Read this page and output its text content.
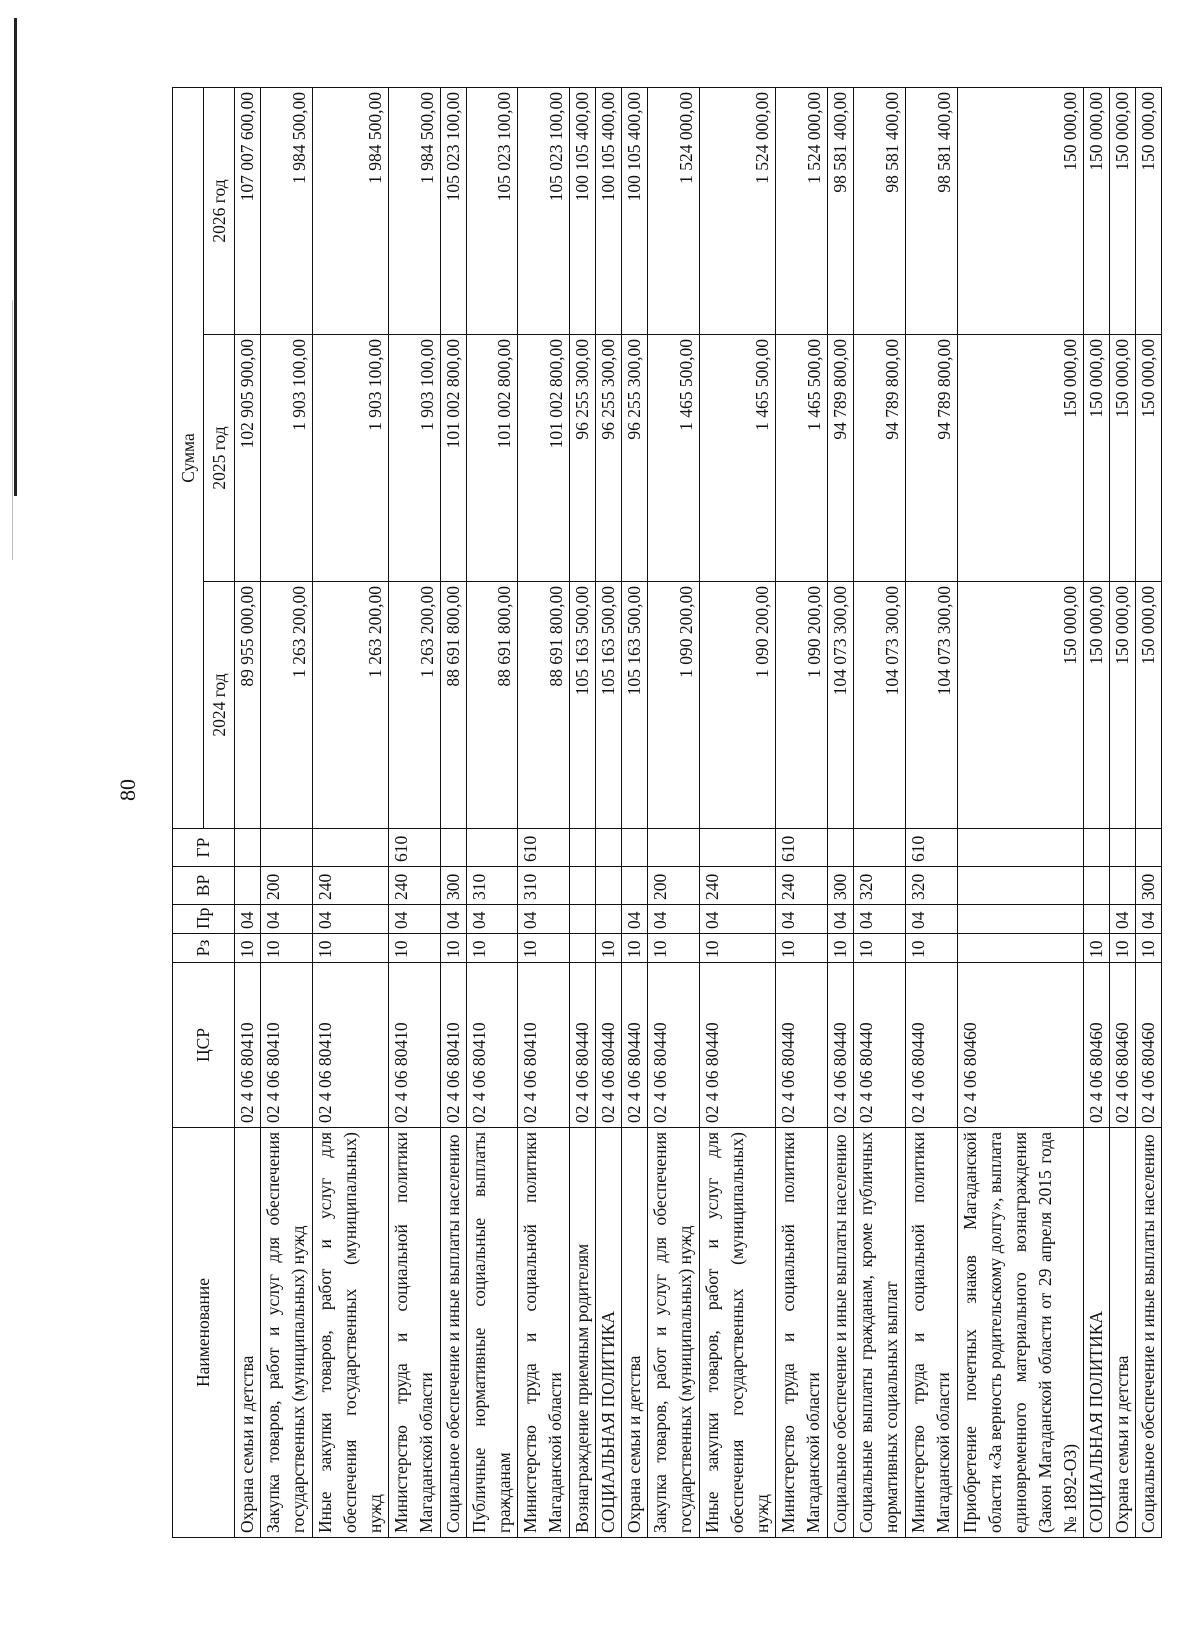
80
Наименование	ЦСР	Рз	Пр	ВР	ГР	Сумма		
						2024 год	2025 год	2026 год
Охрана семьи и детства	02 4 06 80410	10	04			89 955 000,00	102 905 900,00	107 007 600,00
Закупка товаров, работ и услуг для обеспечения государственных (муниципальных) нужд	02 4 06 80410	10	04	200		1 263 200,00	1 903 100,00	1 984 500,00
Иные закупки товаров, работ и услуг для обеспечения государственных (муниципальных) нужд	02 4 06 80410	10	04	240		1 263 200,00	1 903 100,00	1 984 500,00
Министерство труда и социальной политики Магаданской области	02 4 06 80410	10	04	240	610	1 263 200,00	1 903 100,00	1 984 500,00
Социальное обеспечение и иные выплаты населению	02 4 06 80410	10	04	300		88 691 800,00	101 002 800,00	105 023 100,00
Публичные нормативные социальные выплаты гражданам	02 4 06 80410	10	04	310		88 691 800,00	101 002 800,00	105 023 100,00
Министерство труда и социальной политики Магаданской области	02 4 06 80410	10	04	310	610	88 691 800,00	101 002 800,00	105 023 100,00
Вознаграждение приемным родителям	02 4 06 80440					105 163 500,00	96 255 300,00	100 105 400,00
СОЦИАЛЬНАЯ ПОЛИТИКА	02 4 06 80440	10				105 163 500,00	96 255 300,00	100 105 400,00
Охрана семьи и детства	02 4 06 80440	10	04			105 163 500,00	96 255 300,00	100 105 400,00
Закупка товаров, работ и услуг для обеспечения государственных (муниципальных) нужд	02 4 06 80440	10	04	200		1 090 200,00	1 465 500,00	1 524 000,00
Иные закупки товаров, работ и услуг для обеспечения государственных (муниципальных) нужд	02 4 06 80440	10	04	240		1 090 200,00	1 465 500,00	1 524 000,00
Министерство труда и социальной политики Магаданской области	02 4 06 80440	10	04	240	610	1 090 200,00	1 465 500,00	1 524 000,00
Социальное обеспечение и иные выплаты населению	02 4 06 80440	10	04	300		104 073 300,00	94 789 800,00	98 581 400,00
Социальные выплаты гражданам, кроме публичных нормативных социальных выплат	02 4 06 80440	10	04	320		104 073 300,00	94 789 800,00	98 581 400,00
Министерство труда и социальной политики Магаданской области	02 4 06 80440	10	04	320	610	104 073 300,00	94 789 800,00	98 581 400,00
Приобретение почетных знаков Магаданской области «За верность родительскому долгу», выплата единовременного материального вознаграждения (Закон Магаданской области от 29 апреля 2015 года № 1892-ОЗ)	02 4 06 80460					150 000,00	150 000,00	150 000,00
СОЦИАЛЬНАЯ ПОЛИТИКА	02 4 06 80460	10				150 000,00	150 000,00	150 000,00
Охрана семьи и детства	02 4 06 80460	10	04			150 000,00	150 000,00	150 000,00
Социальное обеспечение и иные выплаты населению	02 4 06 80460	10	04	300		150 000,00	150 000,00	150 000,00
